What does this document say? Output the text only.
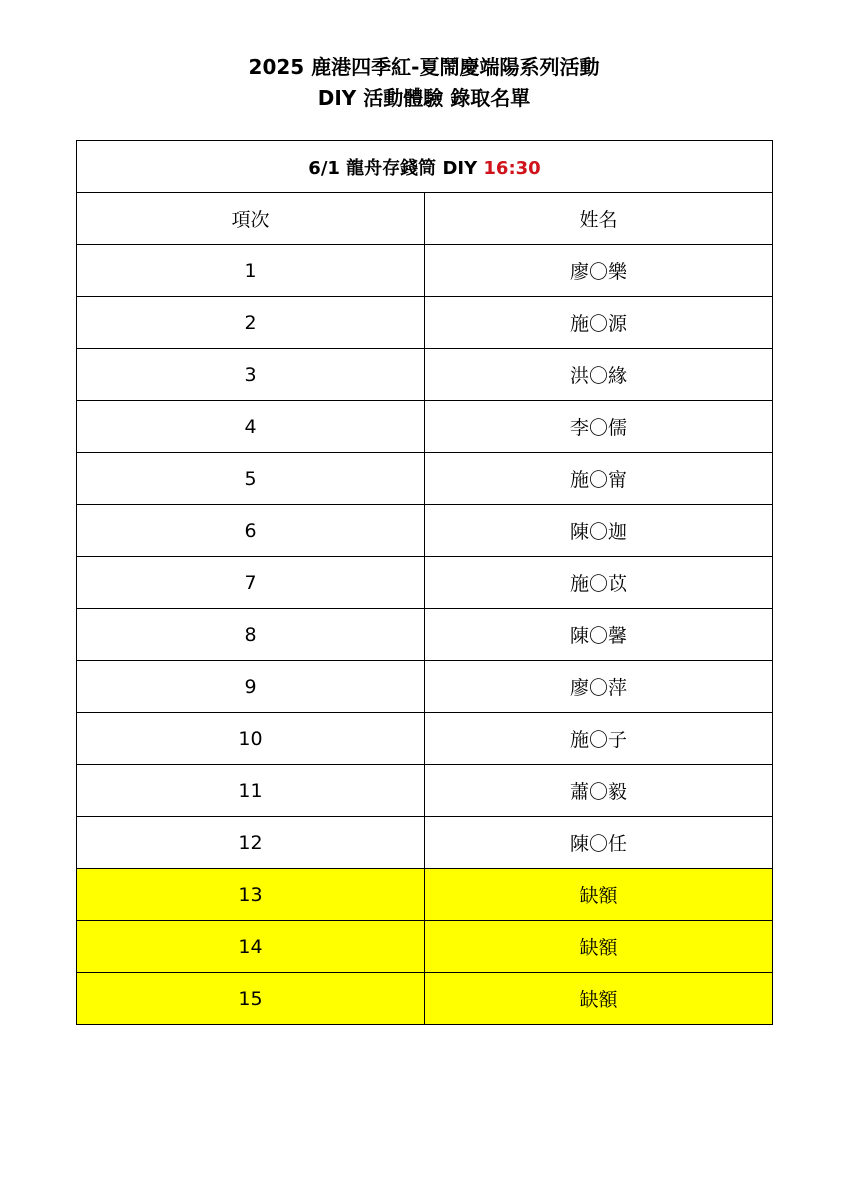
2025 鹿港四季紅-夏鬧慶端陽系列活動
DIY 活動體驗 錄取名單
6/1 龍舟存錢筒 DIY 16:30	
項次	姓名
1	廖〇樂
2	施〇源
3	洪〇緣
4	李〇儒
5	施〇甯
6	陳〇迦
7	施〇苡
8	陳〇馨
9	廖〇萍
10	施〇子
11	蕭〇毅
12	陳〇任
13	缺額
14	缺額
15	缺額
